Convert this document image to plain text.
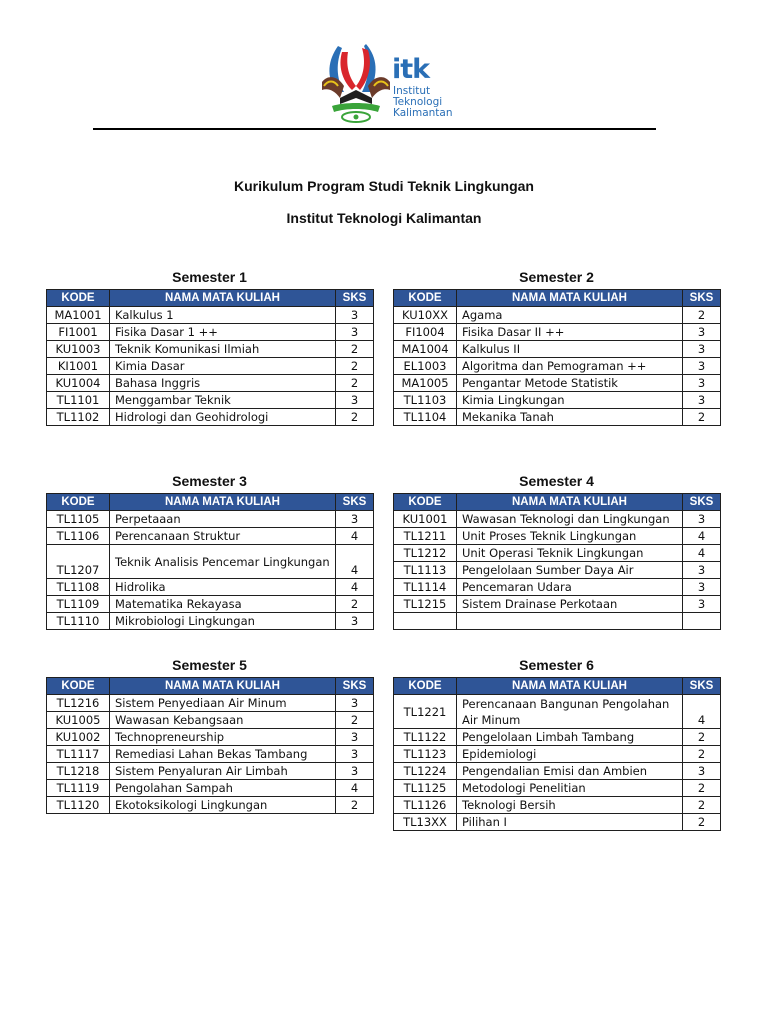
itk
Institut
Teknologi
Kalimantan
Kurikulum Program Studi Teknik Lingkungan
Institut Teknologi Kalimantan
Semester 1
KODE	NAMA MATA KULIAH	SKS
MA1001	Kalkulus 1	3
FI1001	Fisika Dasar 1 ++	3
KU1003	Teknik Komunikasi Ilmiah	2
KI1001	Kimia Dasar	2
KU1004	Bahasa Inggris	2
TL1101	Menggambar Teknik	3
TL1102	Hidrologi dan Geohidrologi	2
Semester 2
KODE	NAMA MATA KULIAH	SKS
KU10XX	Agama	2
FI1004	Fisika Dasar II ++	3
MA1004	Kalkulus II	3
EL1003	Algoritma dan Pemograman ++	3
MA1005	Pengantar Metode Statistik	3
TL1103	Kimia Lingkungan	3
TL1104	Mekanika Tanah	2
Semester 3
KODE	NAMA MATA KULIAH	SKS
TL1105	Perpetaaan	3
TL1106	Perencanaan Struktur	4
TL1207	Teknik Analisis Pencemar Lingkungan	4
TL1108	Hidrolika	4
TL1109	Matematika Rekayasa	2
TL1110	Mikrobiologi Lingkungan	3
Semester 4
KODE	NAMA MATA KULIAH	SKS
KU1001	Wawasan Teknologi dan Lingkungan	3
TL1211	Unit Proses Teknik Lingkungan	4
TL1212	Unit Operasi Teknik Lingkungan	4
TL1113	Pengelolaan Sumber Daya Air	3
TL1114	Pencemaran Udara	3
TL1215	Sistem Drainase Perkotaan	3

Semester 5
KODE	NAMA MATA KULIAH	SKS
TL1216	Sistem Penyediaan Air Minum	3
KU1005	Wawasan Kebangsaan	2
KU1002	Technopreneurship	3
TL1117	Remediasi Lahan Bekas Tambang	3
TL1218	Sistem Penyaluran Air Limbah	3
TL1119	Pengolahan Sampah	4
TL1120	Ekotoksikologi Lingkungan	2
Semester 6
KODE	NAMA MATA KULIAH	SKS
TL1221	Perencanaan Bangunan Pengolahan Air Minum	4
TL1122	Pengelolaan Limbah Tambang	2
TL1123	Epidemiologi	2
TL1224	Pengendalian Emisi dan Ambien	3
TL1125	Metodologi Penelitian	2
TL1126	Teknologi Bersih	2
TL13XX	Pilihan I	2
